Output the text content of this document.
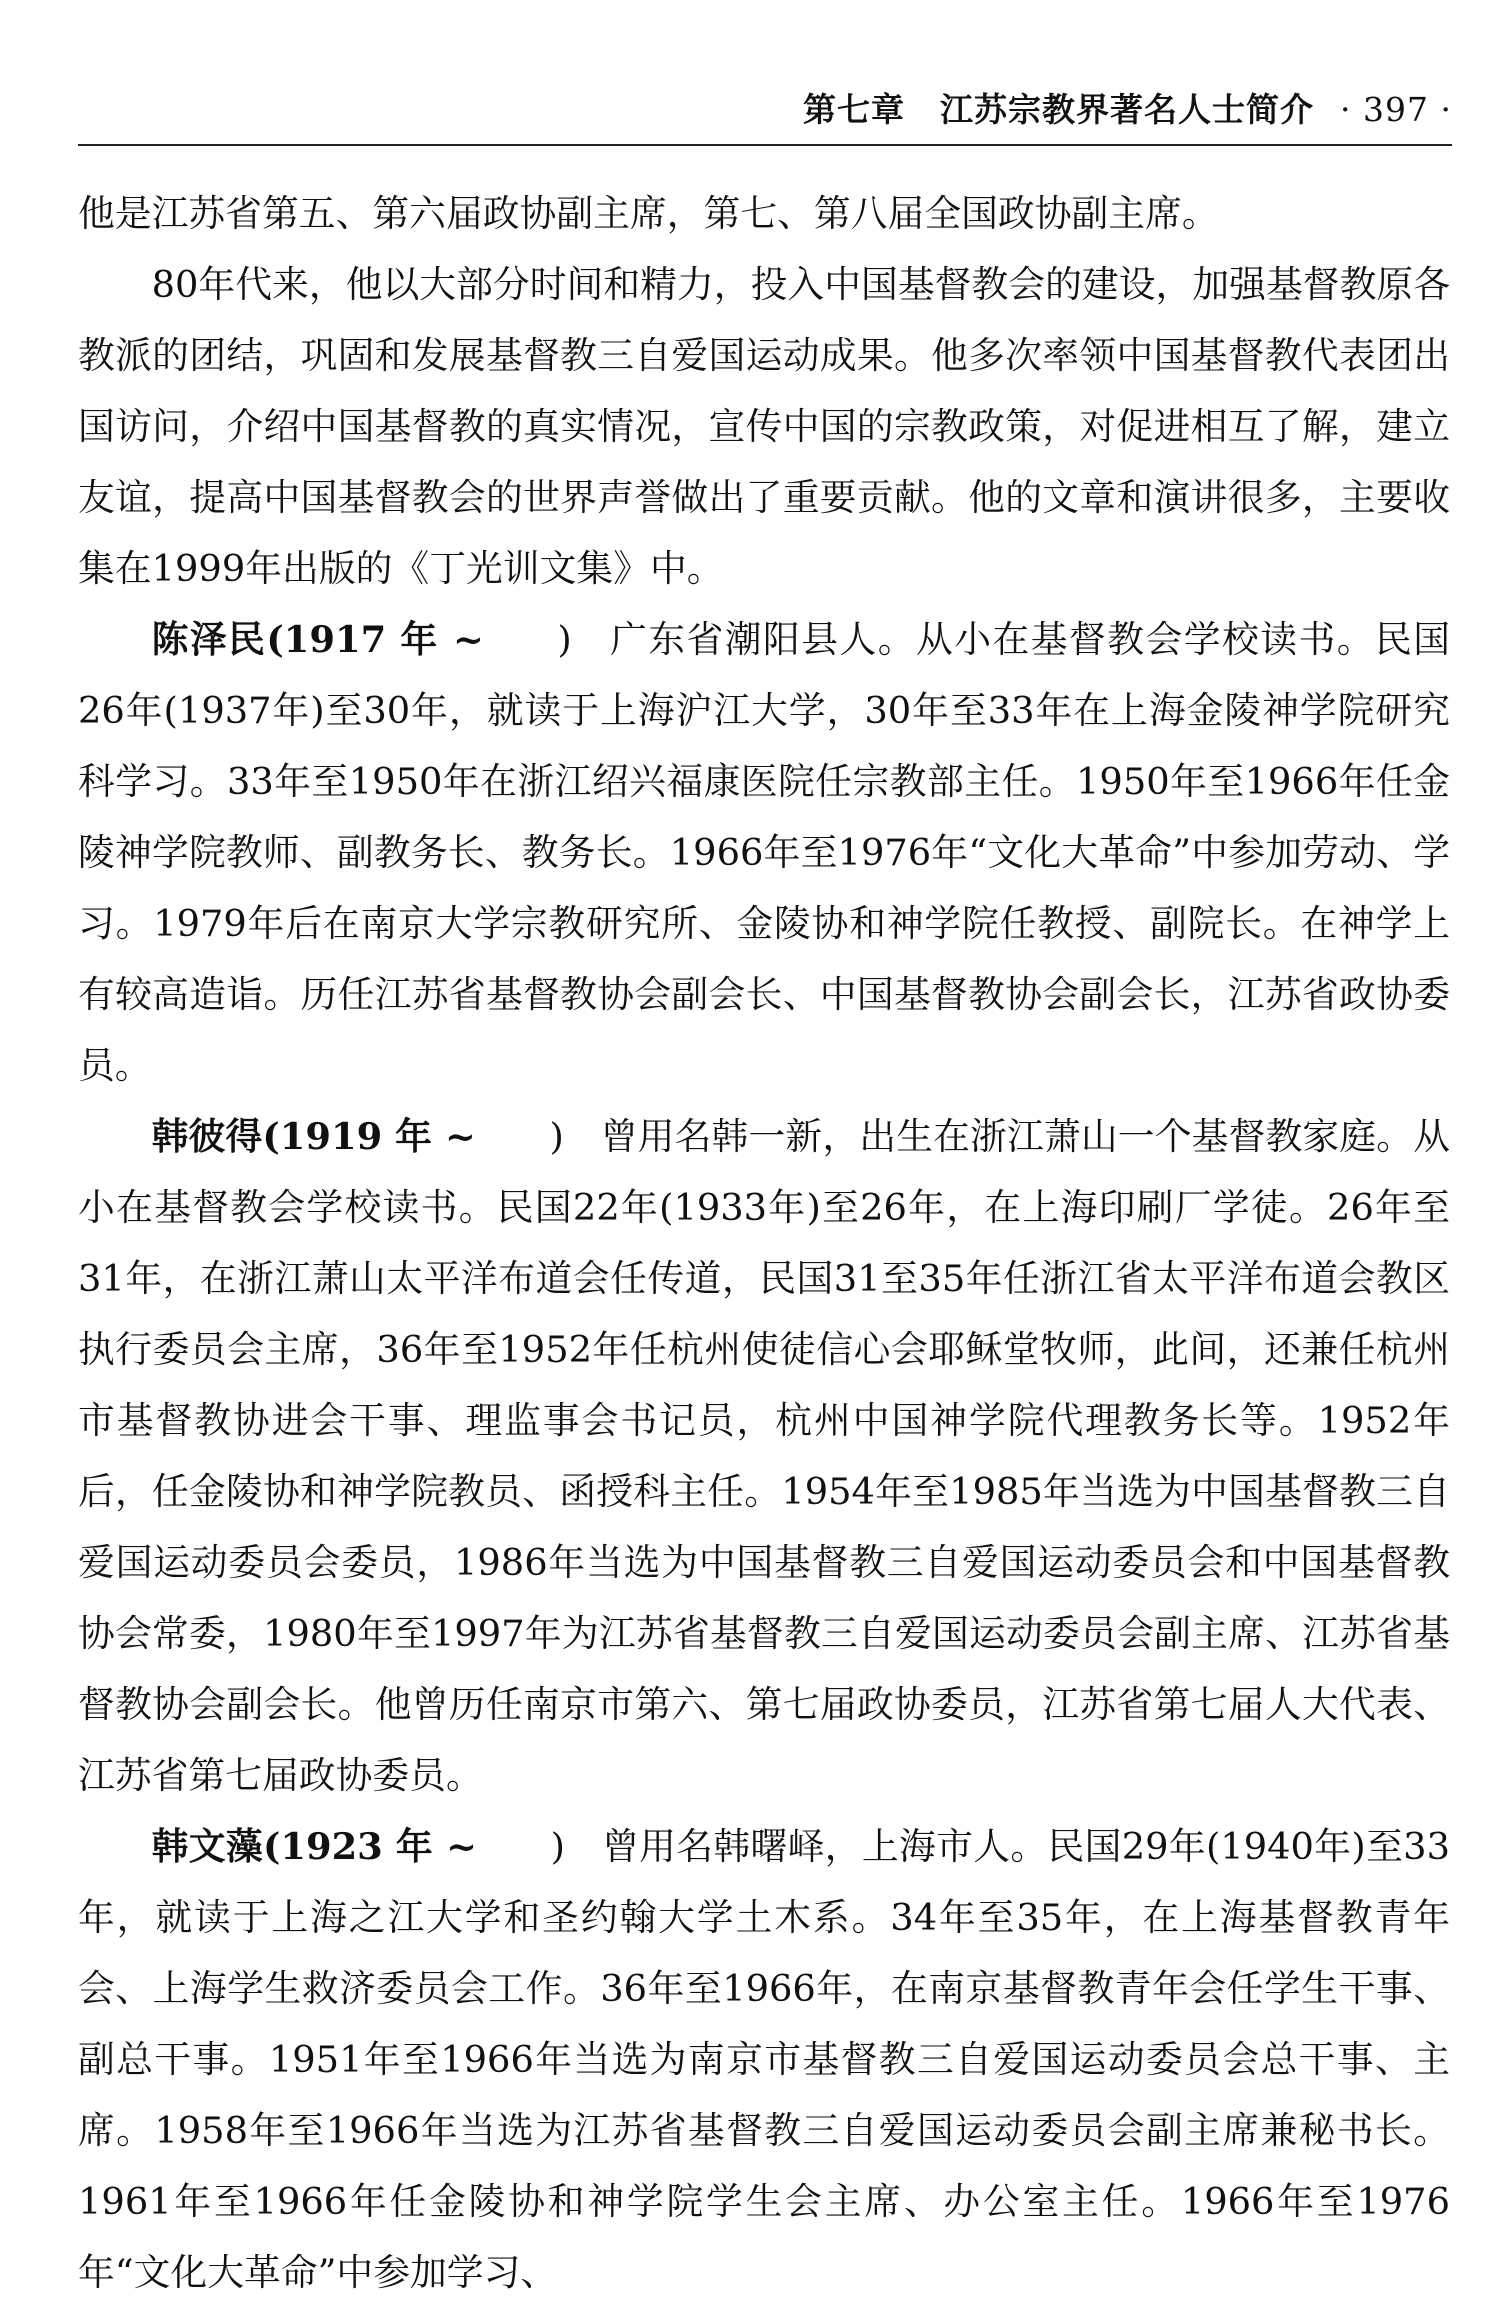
第七章   江苏宗教界著名人士简介 · 397 ·

他是江苏省第五、第六届政协副主席，第七、第八届全国政协副主席。

80年代来，他以大部分时间和精力，投入中国基督教会的建设，加强基督教原各教派的团结，巩固和发展基督教三自爱国运动成果。他多次率领中国基督教代表团出国访问，介绍中国基督教的真实情况，宣传中国的宗教政策，对促进相互了解，建立友谊，提高中国基督教会的世界声誉做出了重要贡献。他的文章和演讲很多，主要收集在1999年出版的《丁光训文集》中。

陈泽民(1917 年 ~   )  广东省潮阳县人。从小在基督教会学校读书。民国26年(1937年)至30年，就读于上海沪江大学，30年至33年在上海金陵神学院研究科学习。33年至1950年在浙江绍兴福康医院任宗教部主任。1950年至1966年任金陵神学院教师、副教务长、教务长。1966年至1976年“文化大革命”中参加劳动、学习。1979年后在南京大学宗教研究所、金陵协和神学院任教授、副院长。在神学上有较高造诣。历任江苏省基督教协会副会长、中国基督教协会副会长，江苏省政协委员。

韩彼得(1919 年 ~   )  曾用名韩一新，出生在浙江萧山一个基督教家庭。从小在基督教会学校读书。民国22年(1933年)至26年，在上海印刷厂学徒。26年至31年，在浙江萧山太平洋布道会任传道，民国31至35年任浙江省太平洋布道会教区执行委员会主席，36年至1952年任杭州使徒信心会耶稣堂牧师，此间，还兼任杭州市基督教协进会干事、理监事会书记员，杭州中国神学院代理教务长等。1952年后，任金陵协和神学院教员、函授科主任。1954年至1985年当选为中国基督教三自爱国运动委员会委员，1986年当选为中国基督教三自爱国运动委员会和中国基督教协会常委，1980年至1997年为江苏省基督教三自爱国运动委员会副主席、江苏省基督教协会副会长。他曾历任南京市第六、第七届政协委员，江苏省第七届人大代表、江苏省第七届政协委员。

韩文藻(1923 年 ~   )  曾用名韩曙峄，上海市人。民国29年(1940年)至33年，就读于上海之江大学和圣约翰大学土木系。34年至35年，在上海基督教青年会、上海学生救济委员会工作。36年至1966年，在南京基督教青年会任学生干事、副总干事。1951年至1966年当选为南京市基督教三自爱国运动委员会总干事、主席。1958年至1966年当选为江苏省基督教三自爱国运动委员会副主席兼秘书长。1961年至1966年任金陵协和神学院学生会主席、办公室主任。1966年至1976年“文化大革命”中参加学习、
